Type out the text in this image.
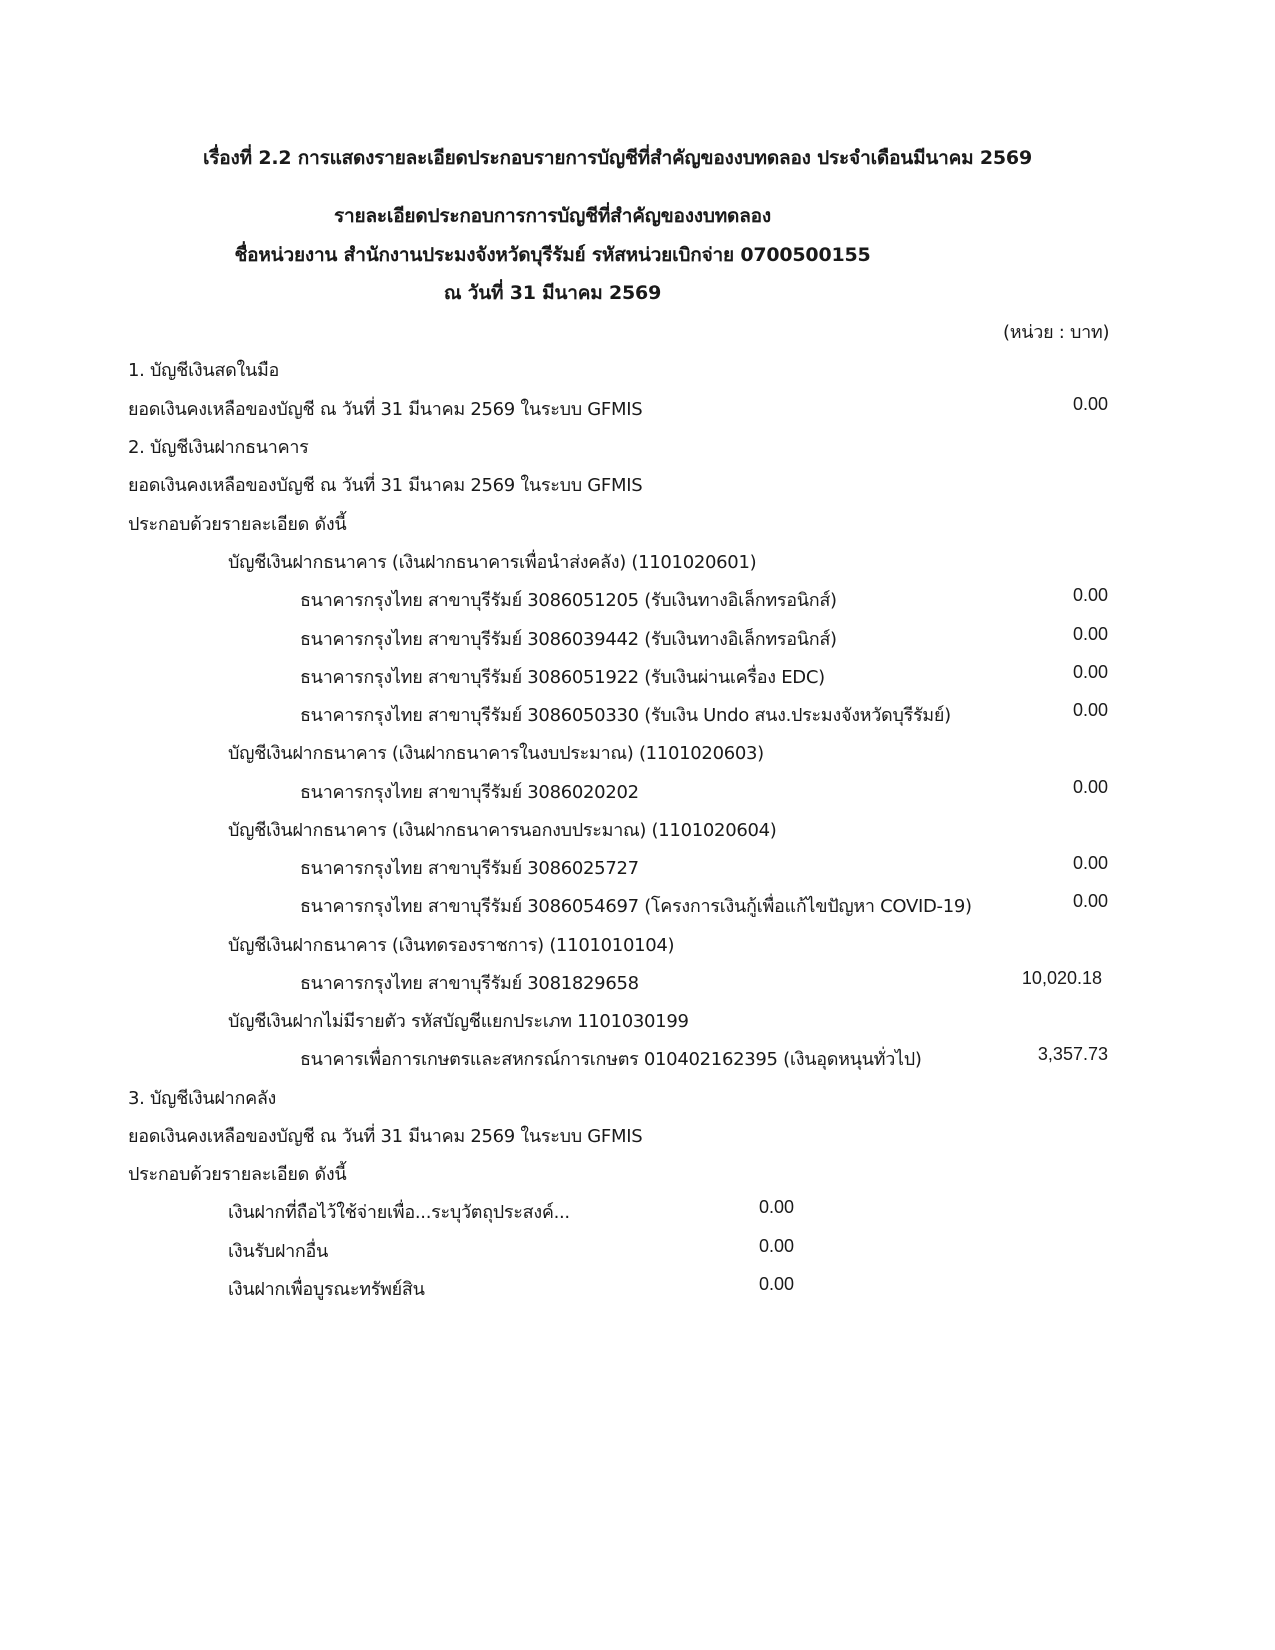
เรื่องที่ 2.2 การแสดงรายละเอียดประกอบรายการบัญชีที่สำคัญของงบทดลอง ประจำเดือนมีนาคม 2569
รายละเอียดประกอบการการบัญชีที่สำคัญของงบทดลอง
ชื่อหน่วยงาน สำนักงานประมงจังหวัดบุรีรัมย์ รหัสหน่วยเบิกจ่าย 0700500155
ณ วันที่ 31 มีนาคม 2569
(หน่วย : บาท)
1. บัญชีเงินสดในมือ
ยอดเงินคงเหลือของบัญชี ณ วันที่ 31 มีนาคม 2569 ในระบบ GFMIS	0.00
2. บัญชีเงินฝากธนาคาร
ยอดเงินคงเหลือของบัญชี ณ วันที่ 31 มีนาคม 2569 ในระบบ GFMIS
ประกอบด้วยรายละเอียด ดังนี้
บัญชีเงินฝากธนาคาร (เงินฝากธนาคารเพื่อนำส่งคลัง) (1101020601)
ธนาคารกรุงไทย สาขาบุรีรัมย์ 3086051205 (รับเงินทางอิเล็กทรอนิกส์)	0.00
ธนาคารกรุงไทย สาขาบุรีรัมย์ 3086039442 (รับเงินทางอิเล็กทรอนิกส์)	0.00
ธนาคารกรุงไทย สาขาบุรีรัมย์ 3086051922 (รับเงินผ่านเครื่อง EDC)	0.00
ธนาคารกรุงไทย สาขาบุรีรัมย์ 3086050330 (รับเงิน Undo สนง.ประมงจังหวัดบุรีรัมย์)	0.00
บัญชีเงินฝากธนาคาร (เงินฝากธนาคารในงบประมาณ) (1101020603)
ธนาคารกรุงไทย สาขาบุรีรัมย์ 3086020202	0.00
บัญชีเงินฝากธนาคาร (เงินฝากธนาคารนอกงบประมาณ) (1101020604)
ธนาคารกรุงไทย สาขาบุรีรัมย์ 3086025727	0.00
ธนาคารกรุงไทย สาขาบุรีรัมย์ 3086054697 (โครงการเงินกู้เพื่อแก้ไขปัญหา COVID-19)	0.00
บัญชีเงินฝากธนาคาร (เงินทดรองราชการ) (1101010104)
ธนาคารกรุงไทย สาขาบุรีรัมย์ 3081829658	10,020.18
บัญชีเงินฝากไม่มีรายตัว รหัสบัญชีแยกประเภท 1101030199
ธนาคารเพื่อการเกษตรและสหกรณ์การเกษตร 010402162395 (เงินอุดหนุนทั่วไป)	3,357.73
3. บัญชีเงินฝากคลัง
ยอดเงินคงเหลือของบัญชี ณ วันที่ 31 มีนาคม 2569 ในระบบ GFMIS
ประกอบด้วยรายละเอียด ดังนี้
เงินฝากที่ถือไว้ใช้จ่ายเพื่อ...ระบุวัตถุประสงค์...	0.00
เงินรับฝากอื่น	0.00
เงินฝากเพื่อบูรณะทรัพย์สิน	0.00
